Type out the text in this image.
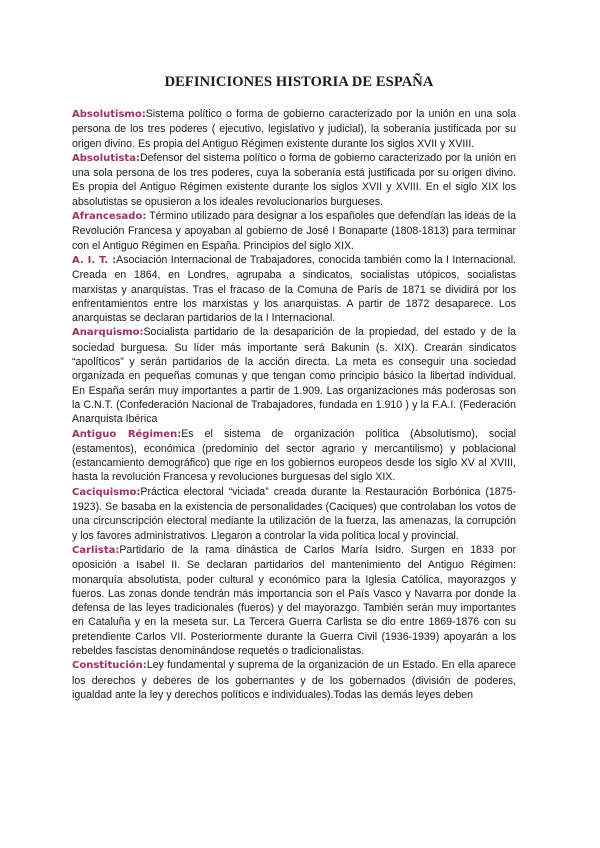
DEFINICIONES HISTORIA DE ESPAÑA

Absolutismo:Sistema político o forma de gobierno caracterizado por la unión en una sola persona de los tres poderes ( ejecutivo, legislativo y judicial), la soberanía justificada por su origen divino. Es propia del Antiguo Régimen existente durante los siglos XVII y XVIII.

Absolutista:Defensor del sistema político o forma de gobierno caracterizado por la unión en una sola persona de los tres poderes, cuya la soberanía está justificada por su origen divino. Es propia del Antiguo Régimen existente durante los siglos XVII y XVIII. En el siglo XIX los absolutistas se opusieron a los ideales revolucionarios burgueses.

Afrancesado: Término utilizado para designar a los españoles que defendían las ideas de la Revolución Francesa y apoyaban al gobierno de José I Bonaparte (1808-1813) para terminar con el Antiguo Régimen en España. Principios del siglo XIX.

A. I. T. :Asociación Internacional de Trabajadores, conocida también como la I Internacional. Creada en 1864, en Londres, agrupaba a sindicatos, socialistas utópicos, socialistas marxistas y anarquistas. Tras el fracaso de la Comuna de París de 1871 se dividirá por los enfrentamientos entre los marxistas y los anarquistas. A partir de 1872 desaparece. Los anarquistas se declaran partidarios de la I Internacional.

Anarquismo:Socialista partidario de la desaparición de la propiedad, del estado y de la sociedad burguesa. Su líder más importante será Bakunin (s. XIX). Crearán sindicatos “apolíticos” y serán partidarios de la acción directa. La meta es conseguir una sociedad organizada en pequeñas comunas y que tengan como principio básico la libertad individual. En España serán muy importantes a partir de 1.909. Las organizaciones más poderosas son la C.N.T. (Confederación Nacional de Trabajadores, fundada en 1.910 ) y la F.A.I. (Federación Anarquista Ibérica

Antiguo Régimen:Es el sistema de organización política (Absolutismo), social (estamentos), económica (predominio del sector agrario y mercantilismo) y poblacional (estancamiento demográfico) que rige en los gobiernos europeos desde los siglo XV al XVIII, hasta la revolución Francesa y revoluciones burguesas del siglo XIX.

Caciquismo:Práctica electoral “viciada” creada durante la Restauración Borbónica (1875-1923). Se basaba en la existencia de personalidades (Caciques) que controlaban los votos de una circunscripción electoral mediante la utilización de la fuerza, las amenazas, la corrupción y los favores administrativos. Llegaron a controlar la vida política local y provincial.

Carlista:Partidario de la rama dinástica de Carlos María Isidro. Surgen en 1833 por oposición a Isabel II. Se declaran partidarios del mantenimiento del Antiguo Régimen: monarquía absolutista, poder cultural y económico para la Iglesia Católica, mayorazgos y fueros. Las zonas donde tendrán más importancia son el País Vasco y Navarra por donde la defensa de las leyes tradicionales (fueros) y del mayorazgo. También serán muy importantes en Cataluña y en la meseta sur. La Tercera Guerra Carlista se dio entre 1869-1876 con su pretendiente Carlos VII. Posteriormente durante la Guerra Civil (1936-1939) apoyarán a los rebeldes fascistas denominándose requetés o tradicionalistas.

Constitución:Ley fundamental y suprema de la organización de un Estado. En ella aparece los derechos y deberes de los gobernantes y de los gobernados (división de poderes, igualdad ante la ley y derechos políticos e individuales).Todas las demás leyes deben
